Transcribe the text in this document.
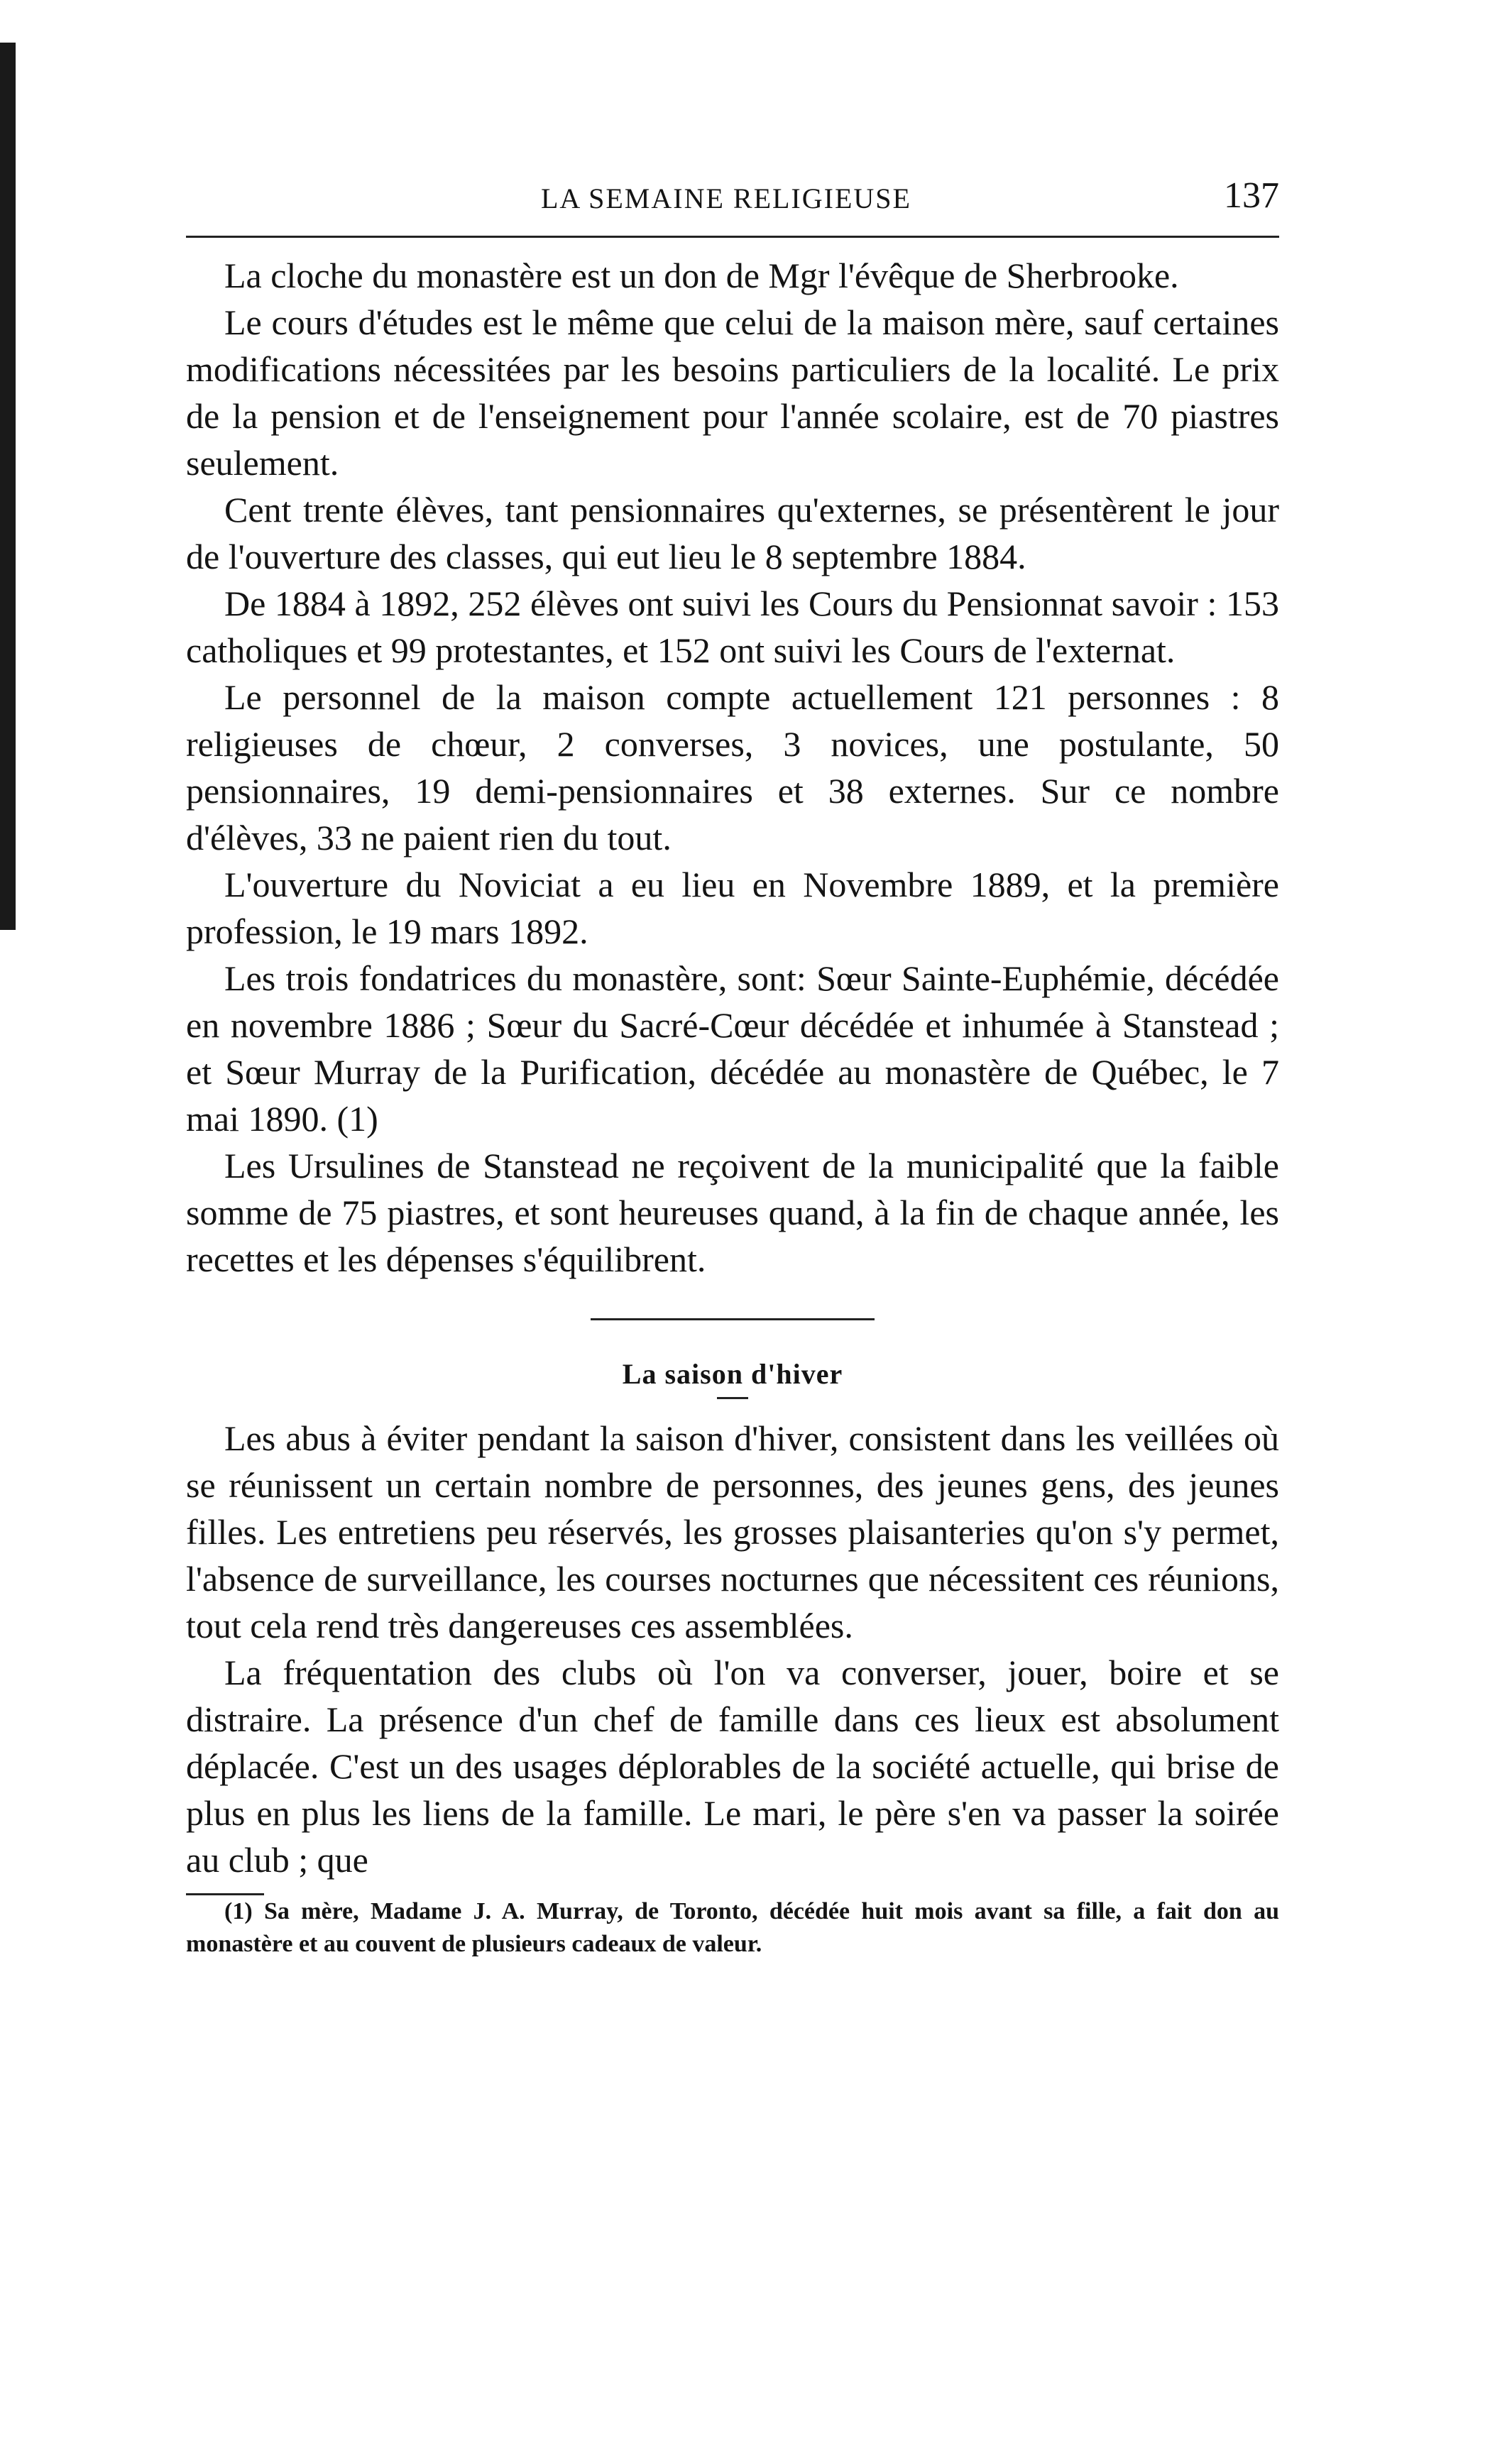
LA SEMAINE RELIGIEUSE	137

La cloche du monastère est un don de Mgr l'évêque de Sherbrooke.

Le cours d'études est le même que celui de la maison mère, sauf certaines modifications nécessitées par les besoins particuliers de la localité. Le prix de la pension et de l'enseignement pour l'année scolaire, est de 70 piastres seulement.

Cent trente élèves, tant pensionnaires qu'externes, se présentèrent le jour de l'ouverture des classes, qui eut lieu le 8 septembre 1884.

De 1884 à 1892, 252 élèves ont suivi les Cours du Pensionnat savoir : 153 catholiques et 99 protestantes, et 152 ont suivi les Cours de l'externat.

Le personnel de la maison compte actuellement 121 personnes : 8 religieuses de chœur, 2 converses, 3 novices, une postulante, 50 pensionnaires, 19 demi-pensionnaires et 38 externes. Sur ce nombre d'élèves, 33 ne paient rien du tout.

L'ouverture du Noviciat a eu lieu en Novembre 1889, et la première profession, le 19 mars 1892.

Les trois fondatrices du monastère, sont: Sœur Sainte-Euphémie, décédée en novembre 1886 ; Sœur du Sacré-Cœur décédée et inhumée à Stanstead ; et Sœur Murray de la Purification, décédée au monastère de Québec, le 7 mai 1890. (1)

Les Ursulines de Stanstead ne reçoivent de la municipalité que la faible somme de 75 piastres, et sont heureuses quand, à la fin de chaque année, les recettes et les dépenses s'équilibrent.

La saison d'hiver

Les abus à éviter pendant la saison d'hiver, consistent dans les veillées où se réunissent un certain nombre de personnes, des jeunes gens, des jeunes filles. Les entretiens peu réservés, les grosses plaisanteries qu'on s'y permet, l'absence de surveillance, les courses nocturnes que nécessitent ces réunions, tout cela rend très dangereuses ces assemblées.

La fréquentation des clubs où l'on va converser, jouer, boire et se distraire. La présence d'un chef de famille dans ces lieux est absolument déplacée. C'est un des usages déplorables de la société actuelle, qui brise de plus en plus les liens de la famille. Le mari, le père s'en va passer la soirée au club ; que

(1) Sa mère, Madame J. A. Murray, de Toronto, décédée huit mois avant sa fille, a fait don au monastère et au couvent de plusieurs cadeaux de valeur.
